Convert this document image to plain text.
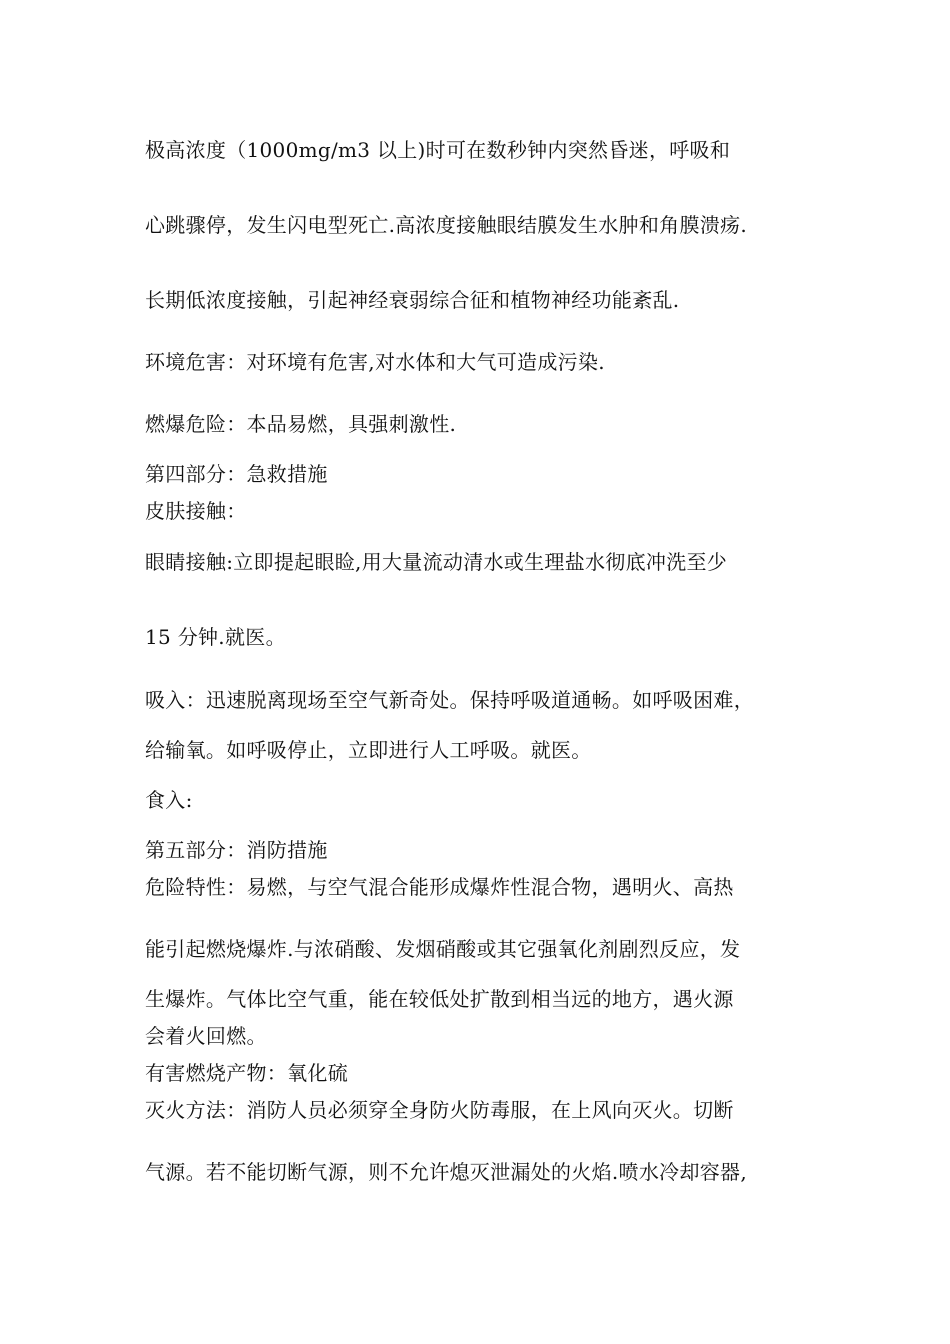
极高浓度（1000mg/m3 以上)时可在数秒钟内突然昏迷，呼吸和
心跳骤停，发生闪电型死亡.高浓度接触眼结膜发生水肿和角膜溃疡.
长期低浓度接触，引起神经衰弱综合征和植物神经功能紊乱.
环境危害：对环境有危害,对水体和大气可造成污染.
燃爆危险：本品易燃，具强刺激性.
第四部分：急救措施
皮肤接触：
眼睛接触:立即提起眼睑,用大量流动清水或生理盐水彻底冲洗至少
15 分钟.就医。
吸入：迅速脱离现场至空气新奇处。保持呼吸道通畅。如呼吸困难，
给输氧。如呼吸停止，立即进行人工呼吸。就医。
食入:
第五部分：消防措施
危险特性：易燃，与空气混合能形成爆炸性混合物，遇明火、高热
能引起燃烧爆炸.与浓硝酸、发烟硝酸或其它强氧化剂剧烈反应，发
生爆炸。气体比空气重，能在较低处扩散到相当远的地方，遇火源
会着火回燃。
有害燃烧产物：氧化硫
灭火方法：消防人员必须穿全身防火防毒服，在上风向灭火。切断
气源。若不能切断气源，则不允许熄灭泄漏处的火焰.喷水冷却容器,
